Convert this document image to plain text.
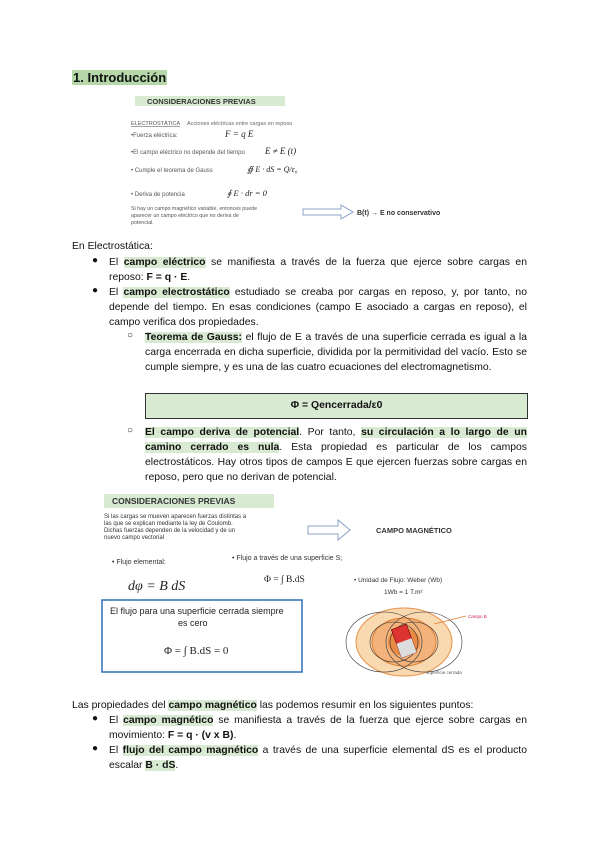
1. Introducción
CONSIDERACIONES PREVIAS
ELECTROSTÁTICA Acciones eléctricas entre cargas en reposo
•Fuerza eléctrica:	F = q E
•El campo eléctrico no depende del tiempo E ≠ E (t)
• Cumple el teorema de Gauss	∯ E · dS = Q/ε₀
• Deriva de potencia	∮ E · dr = 0
Si hay un campo magnético variable, entonces puede
aparecer un campo eléctrico que no deriva de
potencial.
B(t) → E no conservativo
En Electrostática:
● El campo eléctrico se manifiesta a través de la fuerza que ejerce sobre cargas en reposo: F = q · E.
● El campo electrostático estudiado se creaba por cargas en reposo, y, por tanto, no depende del tiempo. En esas condiciones (campo E asociado a cargas en reposo), el campo verifica dos propiedades.
○ Teorema de Gauss: el flujo de E a través de una superficie cerrada es igual a la carga encerrada en dicha superficie, dividida por la permitividad del vacío. Esto se cumple siempre, y es una de las cuatro ecuaciones del electromagnetismo.
Φ = Qencerrada/ε0
○ El campo deriva de potencial. Por tanto, su circulación a lo largo de un camino cerrado es nula. Esta propiedad es particular de los campos electrostáticos. Hay otros tipos de campos E que ejercen fuerzas sobre cargas en reposo, pero que no derivan de potencial.
CONSIDERACIONES PREVIAS
Si las cargas se mueven aparecen fuerzas distintas a
las que se explican mediante la ley de Coulomb.
Dichas fuerzas dependen de la velocidad y de un
nuevo campo vectorial
CAMPO MAGNÉTICO
• Flujo elemental:
• Flujo a través de una superficie S;
dφ = B dS	Φ = ∫ B.dS	• Unidad de Flujo: Weber (Wb)
1Wb = 1 T.m²
El flujo para una superficie cerrada siempre
es cero
Φ = ∫ B.dS = 0
Campo B
superficie cerrada
Las propiedades del campo magnético las podemos resumir en los siguientes puntos:
● El campo magnético se manifiesta a través de la fuerza que ejerce sobre cargas en movimiento: F = q · (v x B).
● El flujo del campo magnético a través de una superficie elemental dS es el producto escalar B · dS.
